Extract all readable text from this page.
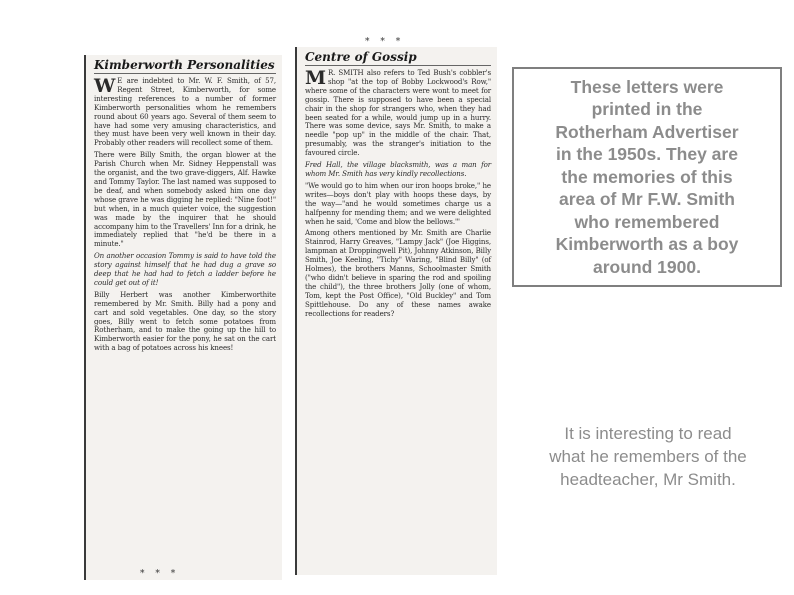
Kimberworth Personalities
W E are indebted to Mr. W. F. Smith, of 57, Regent Street, Kimberworth, for some interesting references to a number of former Kimberworth personalities whom he remembers round about 60 years ago. Several of them seem to have had some very amusing characteristics, and they must have been very well known in their day. Probably other readers will recollect some of them.
There were Billy Smith, the organ blower at the Parish Church when Mr. Sidney Heppenstall was the organist, and the two grave-diggers, Alf. Hawke and Tommy Taylor. The last named was supposed to be deaf, and when somebody asked him one day whose grave he was digging he replied: "Nine foot!" but when, in a much quieter voice, the suggestion was made by the inquirer that he should accompany him to the Travellers' Inn for a drink, he immediately replied that "he'd be there in a minute."
On another occasion Tommy is said to have told the story against himself that he had dug a grave so deep that he had had to fetch a ladder before he could get out of it!
Billy Herbert was another Kimberworthite remembered by Mr. Smith. Billy had a pony and cart and sold vegetables. One day, so the story goes, Billy went to fetch some potatoes from Rotherham, and to make the going up the hill to Kimberworth easier for the pony, he sat on the cart with a bag of potatoes across his knees!
* * *
* * *
Centre of Gossip
M R. SMITH also refers to Ted Bush's cobbler's shop "at the top of Bobby Lockwood's Row," where some of the characters were wont to meet for gossip. There is supposed to have been a special chair in the shop for strangers who, when they had been seated for a while, would jump up in a hurry. There was some device, says Mr. Smith, to make a needle "pop up" in the middle of the chair. That, presumably, was the stranger's initiation to the favoured circle.
Fred Hall, the village blacksmith, was a man for whom Mr. Smith has very kindly recollections.
"We would go to him when our iron hoops broke," he writes—boys don't play with hoops these days, by the way—"and he would sometimes charge us a halfpenny for mending them; and we were delighted when he said, 'Come and blow the bellows.'"
Among others mentioned by Mr. Smith are Charlie Stainrod, Harry Greaves, "Lampy Jack" (Joe Higgins, lampman at Droppingwell Pit), Johnny Atkinson, Billy Smith, Joe Keeling, "Tichy" Waring, "Blind Billy" (of Holmes), the brothers Manns, Schoolmaster Smith ("who didn't believe in sparing the rod and spoiling the child"), the three brothers Jolly (one of whom, Tom, kept the Post Office), "Old Buckley" and Tom Spittlehouse. Do any of these names awake recollections for readers?

These letters were
printed in the
Rotherham Advertiser
in the 1950s. They are
the memories of this
area of Mr F.W. Smith
who remembered
Kimberworth as a boy
around 1900.

It is interesting to read
what he remembers of the
headteacher, Mr Smith.
